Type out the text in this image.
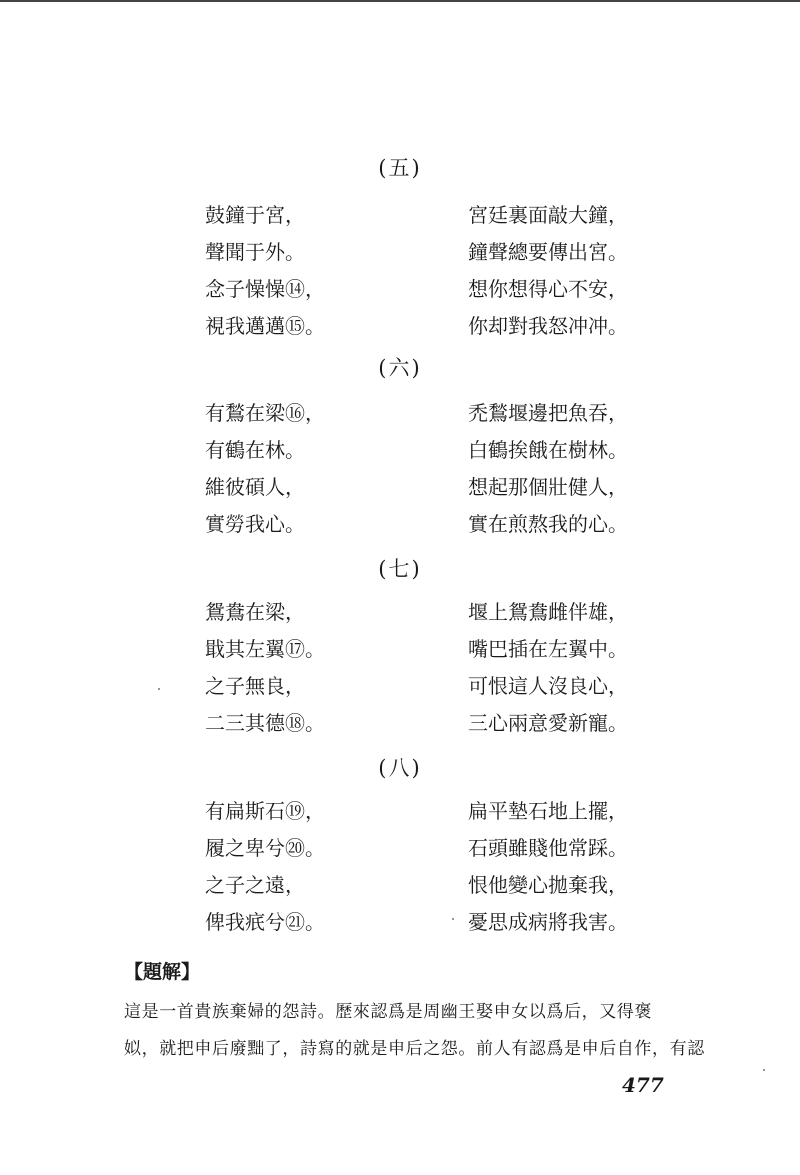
(五)
鼓鐘于宮，
聲聞于外。
念子懆懆⑭，
視我邁邁⑮。
宮廷裏面敲大鐘，
鐘聲總要傳出宮。
想你想得心不安，
你却對我怒冲冲。
(六)
有鶖在梁⑯，
有鶴在林。
維彼碩人，
實勞我心。
禿鶖堰邊把魚吞，
白鶴挨餓在樹林。
想起那個壯健人，
實在煎熬我的心。
(七)
鴛鴦在梁，
戢其左翼⑰。
之子無良，
二三其德⑱。
堰上鴛鴦雌伴雄，
嘴巴插在左翼中。
可恨這人沒良心，
三心兩意愛新寵。
(八)
有扁斯石⑲，
履之卑兮⑳。
之子之遠，
俾我疧兮㉑。
扁平墊石地上擺，
石頭雖賤他常踩。
恨他變心拋棄我，
憂思成病將我害。
【題解】
這是一首貴族棄婦的怨詩。歷來認爲是周幽王娶申女以爲后，又得褒
姒，就把申后廢黜了，詩寫的就是申后之怨。前人有認爲是申后自作，有認
477
